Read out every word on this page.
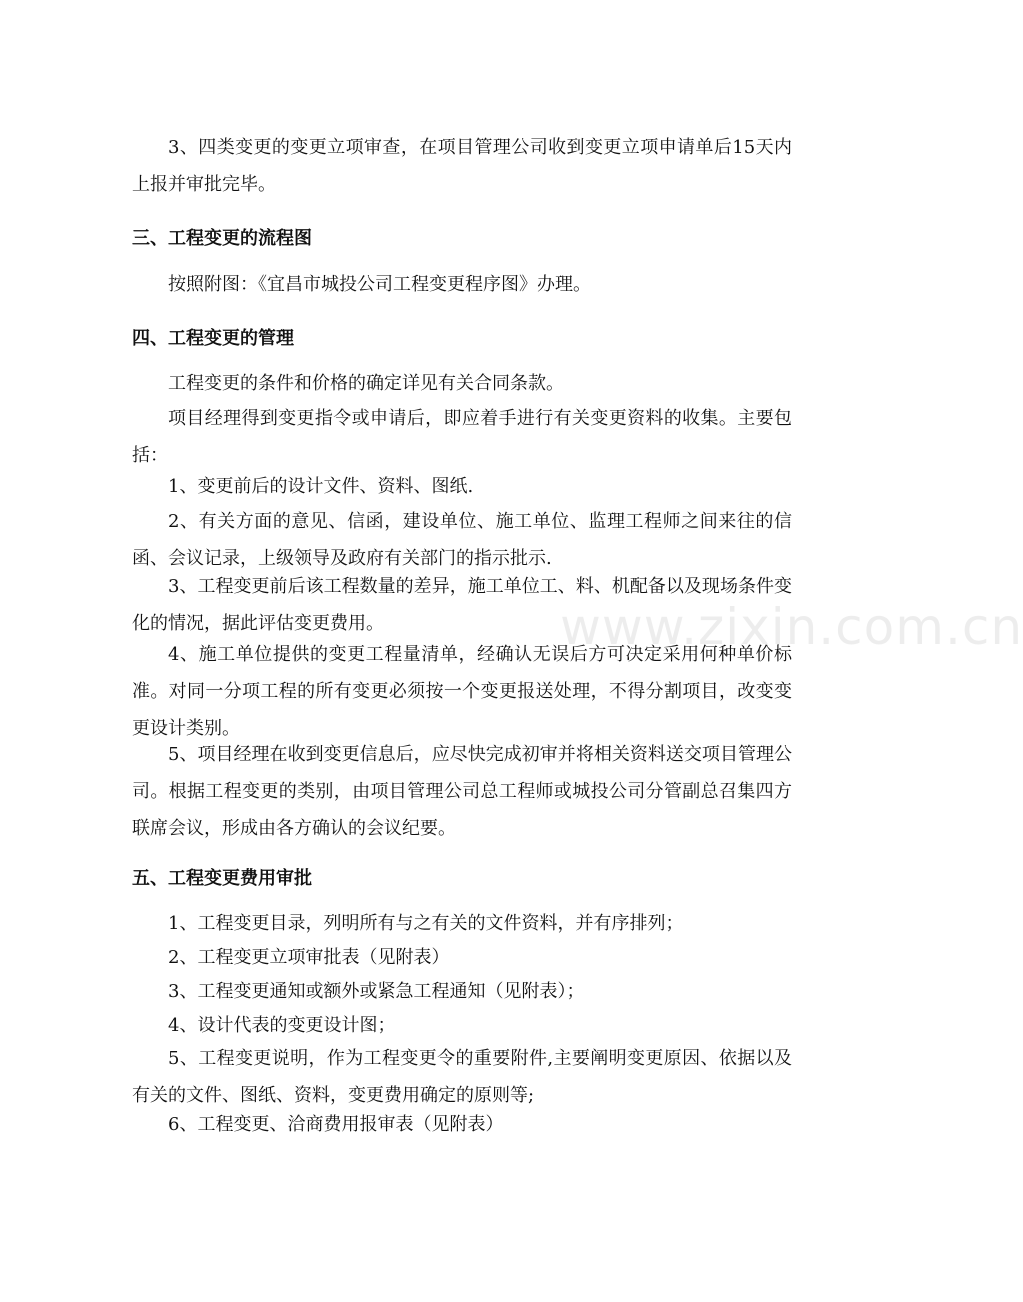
3、四类变更的变更立项审查，在项目管理公司收到变更立项申请单后15天内上报并审批完毕。

三、工程变更的流程图

按照附图：《宜昌市城投公司工程变更程序图》办理。

四、工程变更的管理

工程变更的条件和价格的确定详见有关合同条款。

项目经理得到变更指令或申请后，即应着手进行有关变更资料的收集。主要包括：

1、变更前后的设计文件、资料、图纸.

2、有关方面的意见、信函，建设单位、施工单位、监理工程师之间来往的信函、会议记录，上级领导及政府有关部门的指示批示.

3、工程变更前后该工程数量的差异，施工单位工、料、机配备以及现场条件变化的情况，据此评估变更费用。

4、施工单位提供的变更工程量清单，经确认无误后方可决定采用何种单价标准。对同一分项工程的所有变更必须按一个变更报送处理，不得分割项目，改变变更设计类别。

5、项目经理在收到变更信息后，应尽快完成初审并将相关资料送交项目管理公司。根据工程变更的类别，由项目管理公司总工程师或城投公司分管副总召集四方联席会议，形成由各方确认的会议纪要。

五、工程变更费用审批

1、工程变更目录，列明所有与之有关的文件资料，并有序排列；

2、工程变更立项审批表（见附表）

3、工程变更通知或额外或紧急工程通知（见附表）；

4、设计代表的变更设计图；

5、工程变更说明，作为工程变更令的重要附件,主要阐明变更原因、依据以及有关的文件、图纸、资料，变更费用确定的原则等;

6、工程变更、洽商费用报审表（见附表）

www.zixin.com.cn
